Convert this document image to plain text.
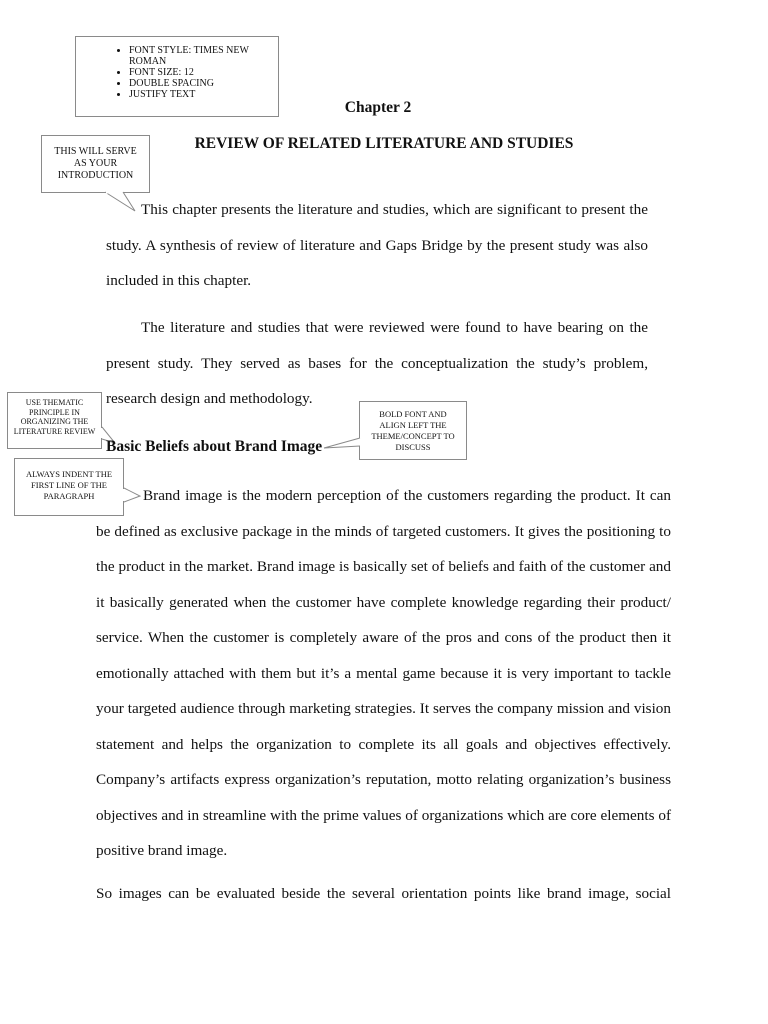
• FONT STYLE: TIMES NEW ROMAN
• FONT SIZE: 12
• DOUBLE SPACING
• JUSTIFY TEXT
Chapter 2
REVIEW OF RELATED LITERATURE AND STUDIES
THIS WILL SERVE AS YOUR INTRODUCTION

This chapter presents the literature and studies, which are significant to present the study. A synthesis of review of literature and Gaps Bridge by the present study was also included in this chapter.

The literature and studies that were reviewed were found to have bearing on the present study. They served as bases for the conceptualization the study’s problem, research design and methodology.

USE THEMATIC PRINCIPLE IN ORGANIZING THE LITERATURE REVIEW
Basic Beliefs about Brand Image
BOLD FONT AND ALIGN LEFT THE THEME/CONCEPT TO DISCUSS
ALWAYS INDENT THE FIRST LINE OF THE PARAGRAPH	Brand image is the modern perception of the customers regarding the product. It can be defined as exclusive package in the minds of targeted customers. It gives the positioning to the product in the market. Brand image is basically set of beliefs and faith of the customer and it basically generated when the customer have complete knowledge regarding their product/ service. When the customer is completely aware of the pros and cons of the product then it emotionally attached with them but it’s a mental game because it is very important to tackle your targeted audience through marketing strategies. It serves the company mission and vision statement and helps the organization to complete its all goals and objectives effectively. Company’s artifacts express organization’s reputation, motto relating organization’s business objectives and in streamline with the prime values of organizations which are core elements of positive brand image.

So images can be evaluated beside the several orientation points like brand image, social
